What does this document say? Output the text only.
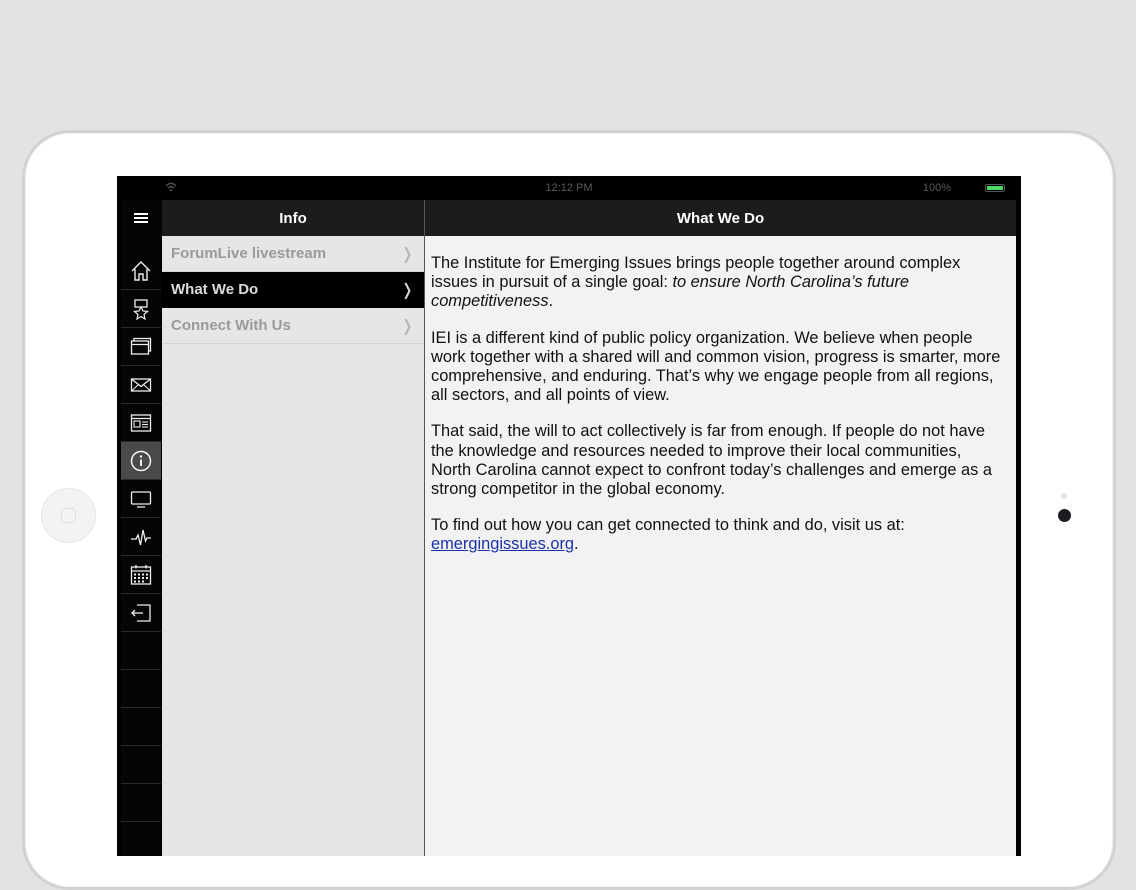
12:12 PM	100%
Info	What We Do
ForumLive livestream	❭
What We Do	❭
Connect With Us	❭

The Institute for Emerging Issues brings people together around complex issues in pursuit of a single goal: to ensure North Carolina’s future competitiveness.

IEI is a different kind of public policy organization. We believe when people work together with a shared will and common vision, progress is smarter, more comprehensive, and enduring. That’s why we engage people from all regions, all sectors, and all points of view.

That said, the will to act collectively is far from enough. If people do not have the knowledge and resources needed to improve their local communities, North Carolina cannot expect to confront today’s challenges and emerge as a strong competitor in the global economy.

To find out how you can get connected to think and do, visit us at: emergingissues.org.
